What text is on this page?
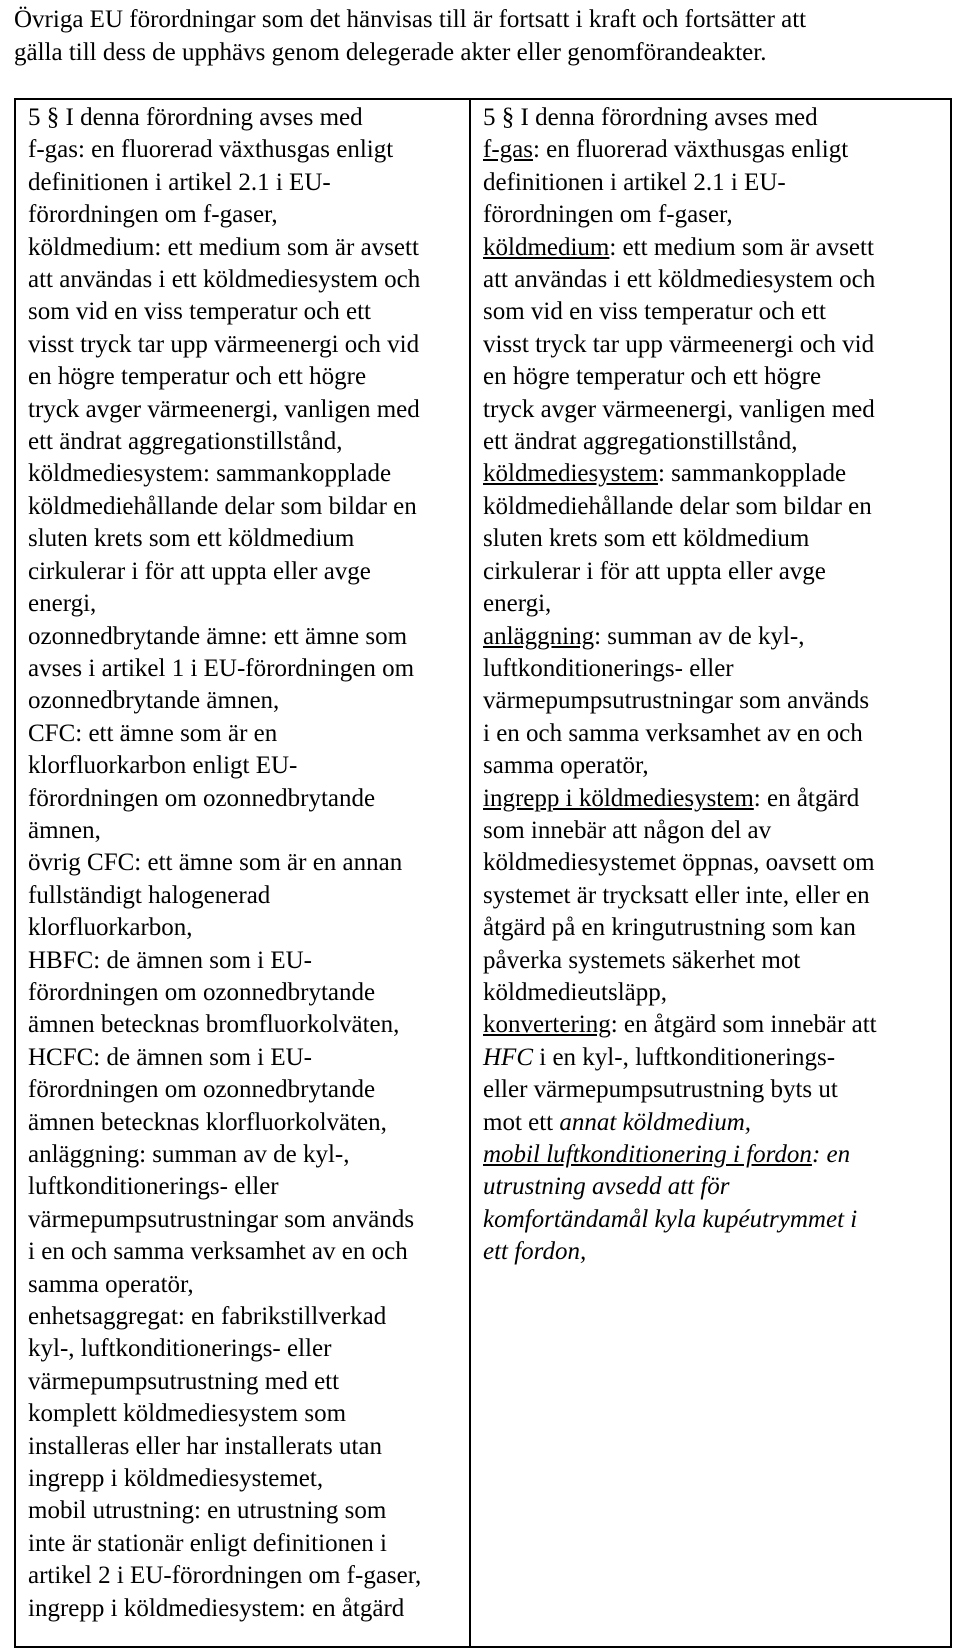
Övriga EU förordningar som det hänvisas till är fortsatt i kraft och fortsätter att
gälla till dess de upphävs genom delegerade akter eller genomförandeakter.
5 § I denna förordning avses med
f-gas: en fluorerad växthusgas enligt
definitionen i artikel 2.1 i EU-
förordningen om f-gaser,
köldmedium: ett medium som är avsett
att användas i ett köldmediesystem och
som vid en viss temperatur och ett
visst tryck tar upp värmeenergi och vid
en högre temperatur och ett högre
tryck avger värmeenergi, vanligen med
ett ändrat aggregationstillstånd,
köldmediesystem: sammankopplade
köldmediehållande delar som bildar en
sluten krets som ett köldmedium
cirkulerar i för att uppta eller avge
energi,
ozonnedbrytande ämne: ett ämne som
avses i artikel 1 i EU-förordningen om
ozonnedbrytande ämnen,
CFC: ett ämne som är en
klorfluorkarbon enligt EU-
förordningen om ozonnedbrytande
ämnen,
övrig CFC: ett ämne som är en annan
fullständigt halogenerad
klorfluorkarbon,
HBFC: de ämnen som i EU-
förordningen om ozonnedbrytande
ämnen betecknas bromfluorkolväten,
HCFC: de ämnen som i EU-
förordningen om ozonnedbrytande
ämnen betecknas klorfluorkolväten,
anläggning: summan av de kyl-,
luftkonditionerings- eller
värmepumpsutrustningar som används
i en och samma verksamhet av en och
samma operatör,
enhetsaggregat: en fabrikstillverkad
kyl-, luftkonditionerings- eller
värmepumpsutrustning med ett
komplett köldmediesystem som
installeras eller har installerats utan
ingrepp i köldmediesystemet,
mobil utrustning: en utrustning som
inte är stationär enligt definitionen i
artikel 2 i EU-förordningen om f-gaser,
ingrepp i köldmediesystem: en åtgärd

5 § I denna förordning avses med
f-gas: en fluorerad växthusgas enligt
definitionen i artikel 2.1 i EU-
förordningen om f-gaser,
köldmedium: ett medium som är avsett
att användas i ett köldmediesystem och
som vid en viss temperatur och ett
visst tryck tar upp värmeenergi och vid
en högre temperatur och ett högre
tryck avger värmeenergi, vanligen med
ett ändrat aggregationstillstånd,
köldmediesystem: sammankopplade
köldmediehållande delar som bildar en
sluten krets som ett köldmedium
cirkulerar i för att uppta eller avge
energi,
anläggning: summan av de kyl-,
luftkonditionerings- eller
värmepumpsutrustningar som används
i en och samma verksamhet av en och
samma operatör,
ingrepp i köldmediesystem: en åtgärd
som innebär att någon del av
köldmediesystemet öppnas, oavsett om
systemet är trycksatt eller inte, eller en
åtgärd på en kringutrustning som kan
påverka systemets säkerhet mot
köldmedieutsläpp,
konvertering: en åtgärd som innebär att
HFC i en kyl-, luftkonditionerings-
eller värmepumpsutrustning byts ut
mot ett annat köldmedium,
mobil luftkonditionering i fordon: en
utrustning avsedd att för
komfortändamål kyla kupéutrymmet i
ett fordon,
